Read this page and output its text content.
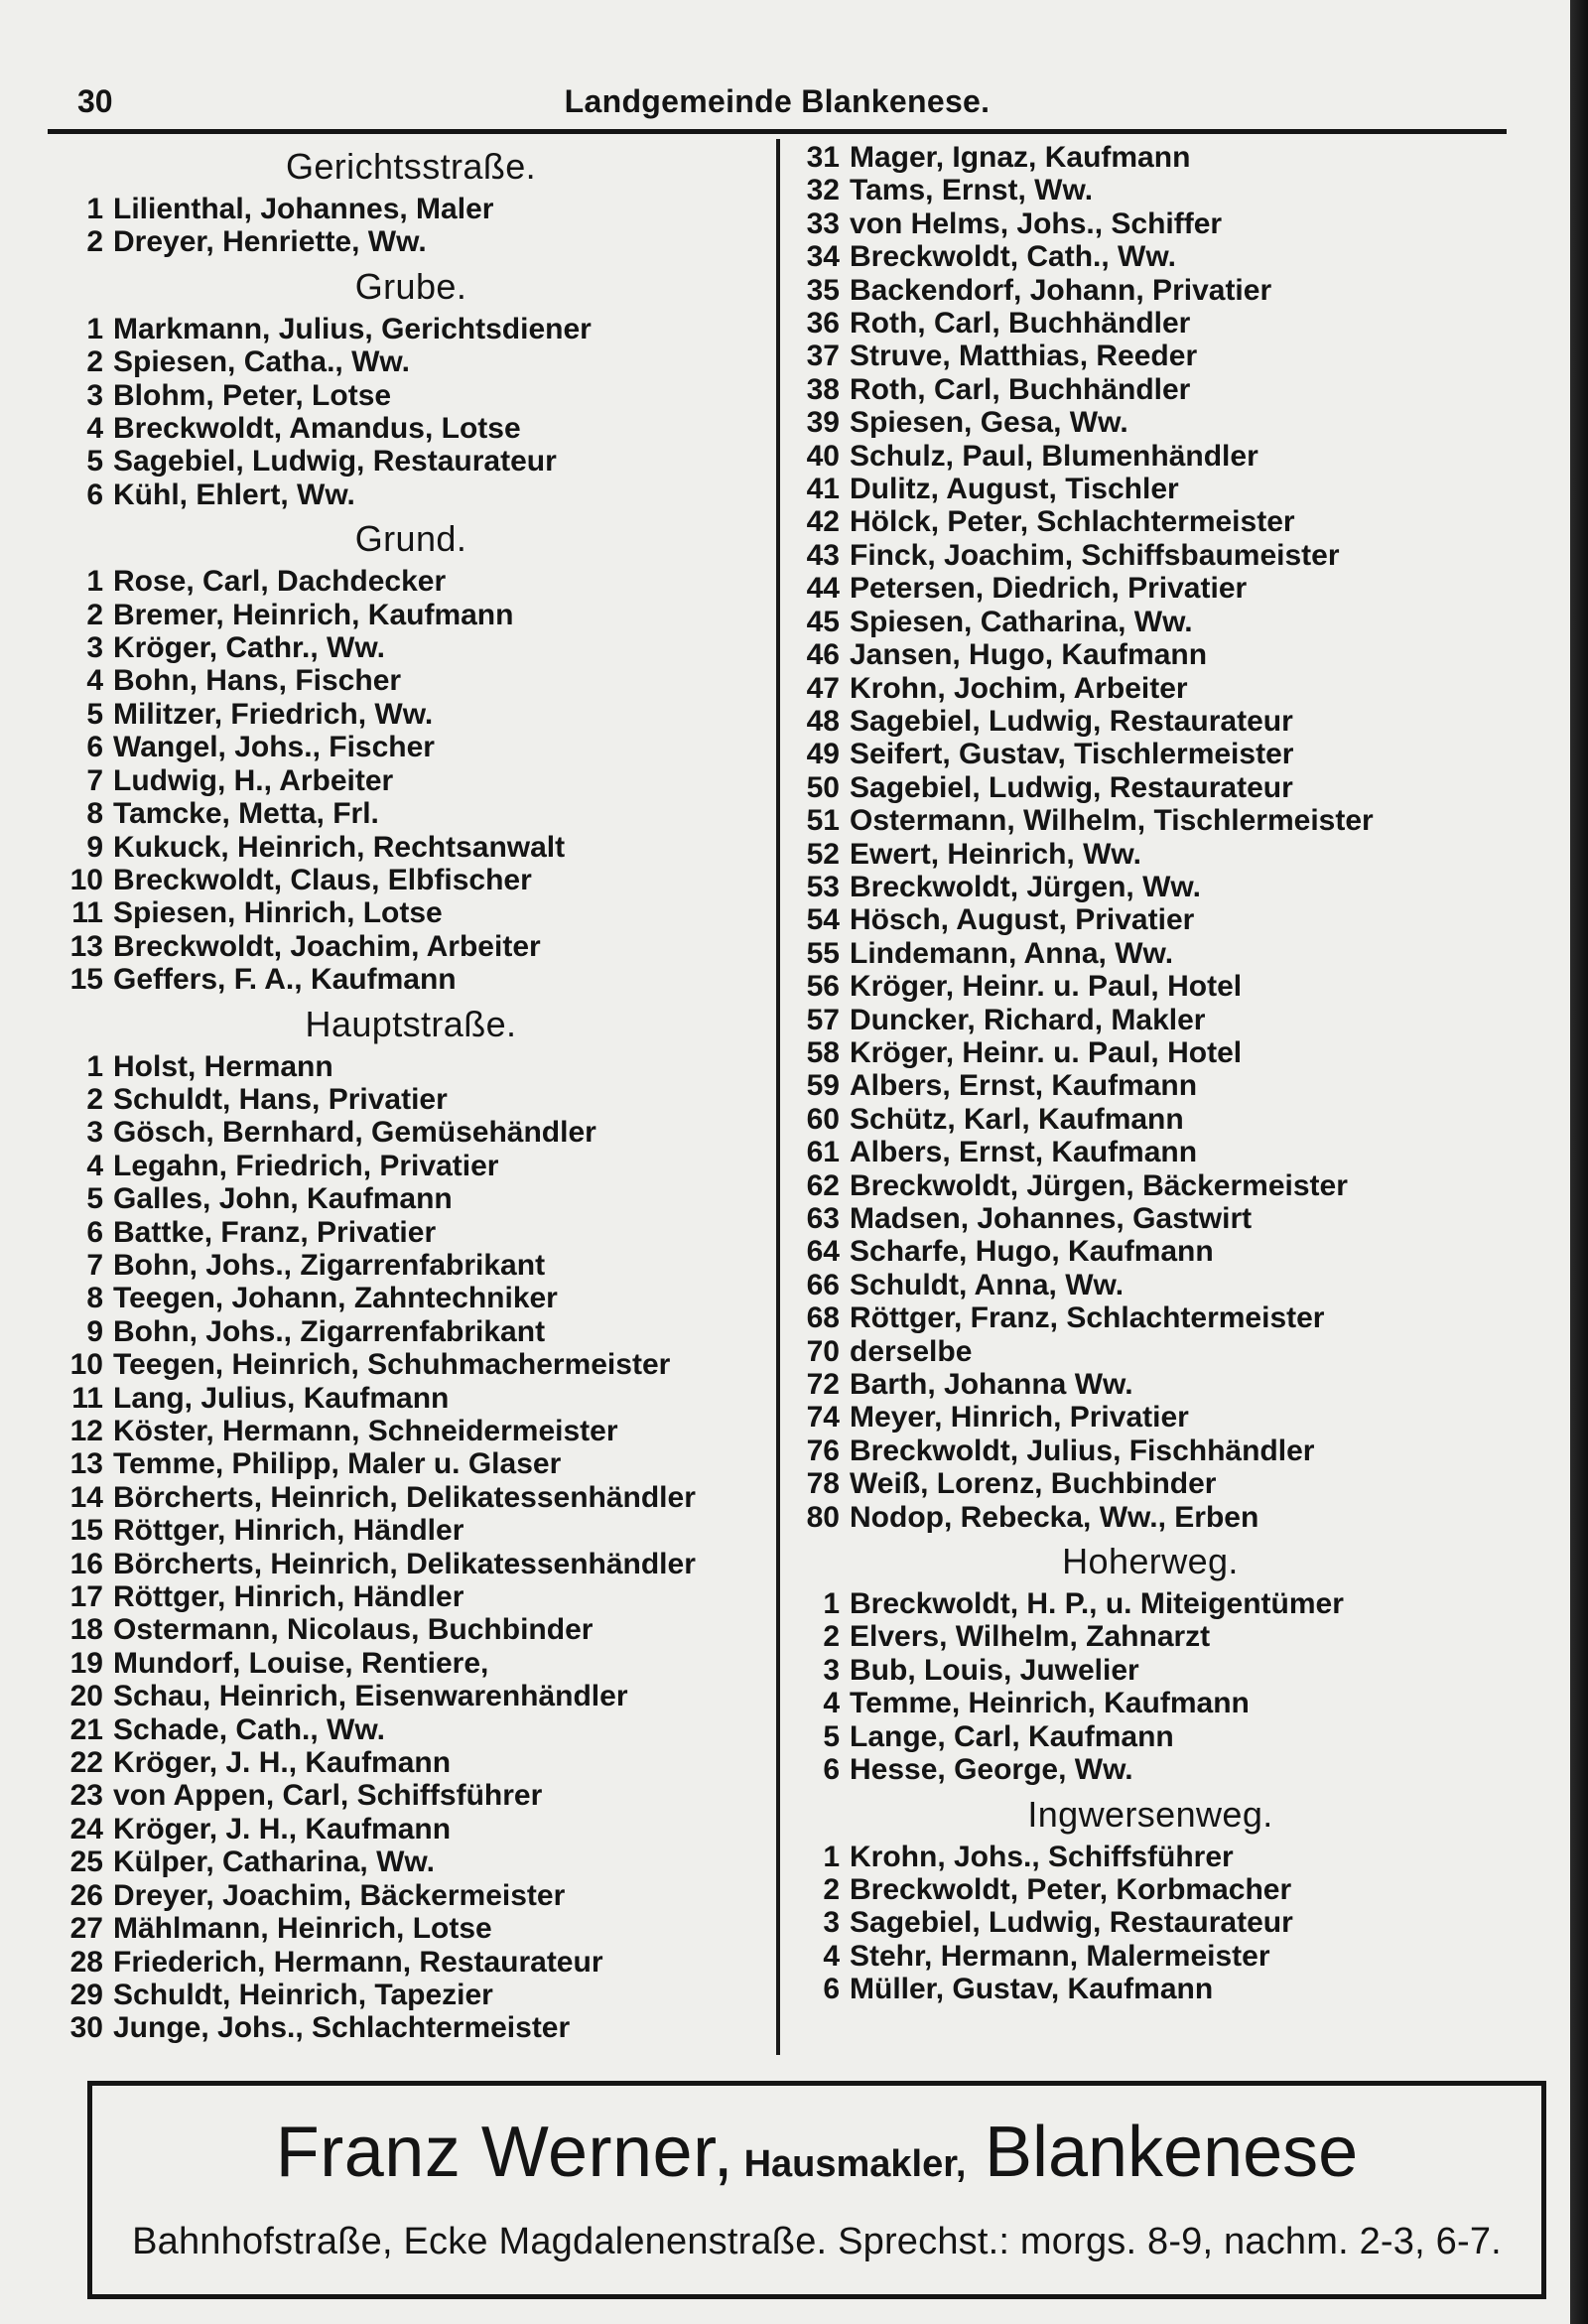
30	Landgemeinde Blankenese.
Gerichtsstraße.
1 Lilienthal, Johannes, Maler
2 Dreyer, Henriette, Ww.
Grube.
1 Markmann, Julius, Gerichtsdiener
2 Spiesen, Catha., Ww.
3 Blohm, Peter, Lotse
4 Breckwoldt, Amandus, Lotse
5 Sagebiel, Ludwig, Restaurateur
6 Kühl, Ehlert, Ww.
Grund.
1 Rose, Carl, Dachdecker
2 Bremer, Heinrich, Kaufmann
3 Kröger, Cathr., Ww.
4 Bohn, Hans, Fischer
5 Militzer, Friedrich, Ww.
6 Wangel, Johs., Fischer
7 Ludwig, H., Arbeiter
8 Tamcke, Metta, Frl.
9 Kukuck, Heinrich, Rechtsanwalt
10 Breckwoldt, Claus, Elbfischer
11 Spiesen, Hinrich, Lotse
13 Breckwoldt, Joachim, Arbeiter
15 Geffers, F. A., Kaufmann
Hauptstraße.
1 Holst, Hermann
2 Schuldt, Hans, Privatier
3 Gösch, Bernhard, Gemüsehändler
4 Legahn, Friedrich, Privatier
5 Galles, John, Kaufmann
6 Battke, Franz, Privatier
7 Bohn, Johs., Zigarrenfabrikant
8 Teegen, Johann, Zahntechniker
9 Bohn, Johs., Zigarrenfabrikant
10 Teegen, Heinrich, Schuhmachermeister
11 Lang, Julius, Kaufmann
12 Köster, Hermann, Schneidermeister
13 Temme, Philipp, Maler u. Glaser
14 Börcherts, Heinrich, Delikatessenhändler
15 Röttger, Hinrich, Händler
16 Börcherts, Heinrich, Delikatessenhändler
17 Röttger, Hinrich, Händler
18 Ostermann, Nicolaus, Buchbinder
19 Mundorf, Louise, Rentiere,
20 Schau, Heinrich, Eisenwarenhändler
21 Schade, Cath., Ww.
22 Kröger, J. H., Kaufmann
23 von Appen, Carl, Schiffsführer
24 Kröger, J. H., Kaufmann
25 Külper, Catharina, Ww.
26 Dreyer, Joachim, Bäckermeister
27 Mählmann, Heinrich, Lotse
28 Friederich, Hermann, Restaurateur
29 Schuldt, Heinrich, Tapezier
30 Junge, Johs., Schlachtermeister
31 Mager, Ignaz, Kaufmann
32 Tams, Ernst, Ww.
33 von Helms, Johs., Schiffer
34 Breckwoldt, Cath., Ww.
35 Backendorf, Johann, Privatier
36 Roth, Carl, Buchhändler
37 Struve, Matthias, Reeder
38 Roth, Carl, Buchhändler
39 Spiesen, Gesa, Ww.
40 Schulz, Paul, Blumenhändler
41 Dulitz, August, Tischler
42 Hölck, Peter, Schlachtermeister
43 Finck, Joachim, Schiffsbaumeister
44 Petersen, Diedrich, Privatier
45 Spiesen, Catharina, Ww.
46 Jansen, Hugo, Kaufmann
47 Krohn, Jochim, Arbeiter
48 Sagebiel, Ludwig, Restaurateur
49 Seifert, Gustav, Tischlermeister
50 Sagebiel, Ludwig, Restaurateur
51 Ostermann, Wilhelm, Tischlermeister
52 Ewert, Heinrich, Ww.
53 Breckwoldt, Jürgen, Ww.
54 Hösch, August, Privatier
55 Lindemann, Anna, Ww.
56 Kröger, Heinr. u. Paul, Hotel
57 Duncker, Richard, Makler
58 Kröger, Heinr. u. Paul, Hotel
59 Albers, Ernst, Kaufmann
60 Schütz, Karl, Kaufmann
61 Albers, Ernst, Kaufmann
62 Breckwoldt, Jürgen, Bäckermeister
63 Madsen, Johannes, Gastwirt
64 Scharfe, Hugo, Kaufmann
66 Schuldt, Anna, Ww.
68 Röttger, Franz, Schlachtermeister
70 derselbe
72 Barth, Johanna Ww.
74 Meyer, Hinrich, Privatier
76 Breckwoldt, Julius, Fischhändler
78 Weiß, Lorenz, Buchbinder
80 Nodop, Rebecka, Ww., Erben
Hoherweg.
1 Breckwoldt, H. P., u. Miteigentümer
2 Elvers, Wilhelm, Zahnarzt
3 Bub, Louis, Juwelier
4 Temme, Heinrich, Kaufmann
5 Lange, Carl, Kaufmann
6 Hesse, George, Ww.
Ingwersenweg.
1 Krohn, Johs., Schiffsführer
2 Breckwoldt, Peter, Korbmacher
3 Sagebiel, Ludwig, Restaurateur
4 Stehr, Hermann, Malermeister
6 Müller, Gustav, Kaufmann
Franz Werner, Hausmakler, Blankenese
Bahnhofstraße, Ecke Magdalenenstraße. Sprechst.: morgs. 8-9, nachm. 2-3, 6-7.
